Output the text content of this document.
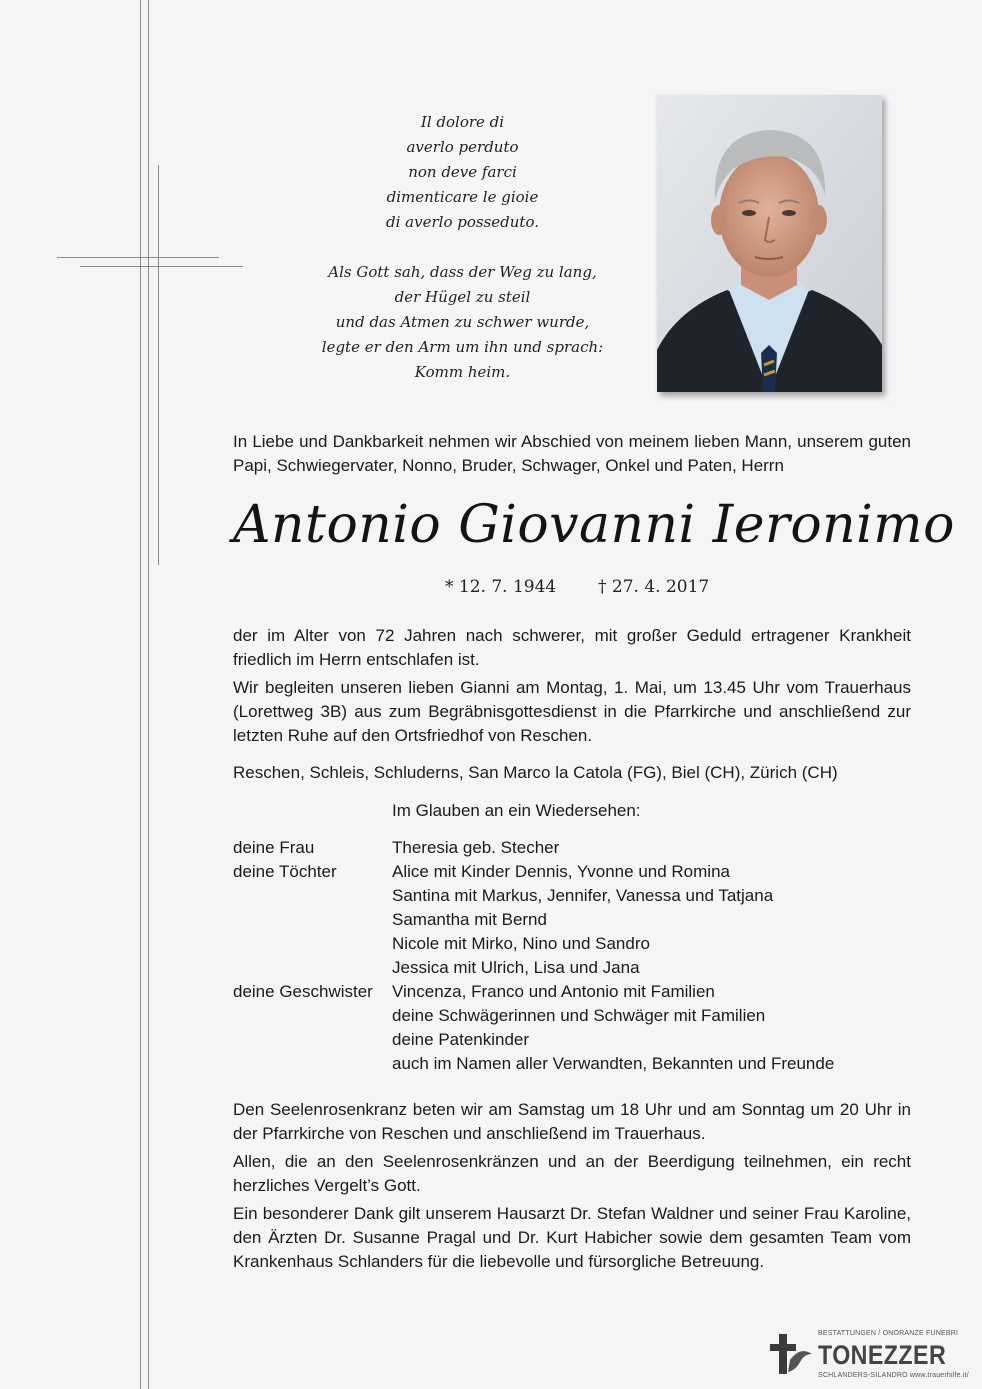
Il dolore di
averlo perduto
non deve farci
dimenticare le gioie
di averlo posseduto.
Als Gott sah, dass der Weg zu lang,
der Hügel zu steil
und das Atmen zu schwer wurde,
legte er den Arm um ihn und sprach:
Komm heim.
In Liebe und Dankbarkeit nehmen wir Abschied von meinem lieben Mann, unserem guten Papi, Schwiegervater, Nonno, Bruder, Schwager, Onkel und Paten, Herrn
Antonio Giovanni Ieronimo
* 12. 7. 1944 † 27. 4. 2017
der im Alter von 72 Jahren nach schwerer, mit großer Geduld ertragener Krankheit friedlich im Herrn entschlafen ist.
Wir begleiten unseren lieben Gianni am Montag, 1. Mai, um 13.45 Uhr vom Trauerhaus (Lorettweg 3B) aus zum Begräbnisgottesdienst in die Pfarrkirche und anschließend zur letzten Ruhe auf den Ortsfriedhof von Reschen.
Reschen, Schleis, Schluderns, San Marco la Catola (FG), Biel (CH), Zürich (CH)
Im Glauben an ein Wiedersehen:
deine Frau
deine Töchter
deine Geschwister
Theresia geb. Stecher
Alice mit Kinder Dennis, Yvonne und Romina
Santina mit Markus, Jennifer, Vanessa und Tatjana
Samantha mit Bernd
Nicole mit Mirko, Nino und Sandro
Jessica mit Ulrich, Lisa und Jana
Vincenza, Franco und Antonio mit Familien
deine Schwägerinnen und Schwäger mit Familien
deine Patenkinder
auch im Namen aller Verwandten, Bekannten und Freunde
Den Seelenrosenkranz beten wir am Samstag um 18 Uhr und am Sonntag um 20 Uhr in der Pfarrkirche von Reschen und anschließend im Trauerhaus.
Allen, die an den Seelenrosenkränzen und an der Beerdigung teilnehmen, ein recht herzliches Vergelt’s Gott.
Ein besonderer Dank gilt unserem Hausarzt Dr. Stefan Waldner und seiner Frau Karoline, den Ärzten Dr. Susanne Pragal und Dr. Kurt Habicher sowie dem gesamten Team vom Krankenhaus Schlanders für die liebevolle und fürsorgliche Betreuung.
BESTATTUNGEN / ONORANZE FUNEBRI
TONEZZER
SCHLANDERS-SILANDRO www.trauerhilfe.it/
